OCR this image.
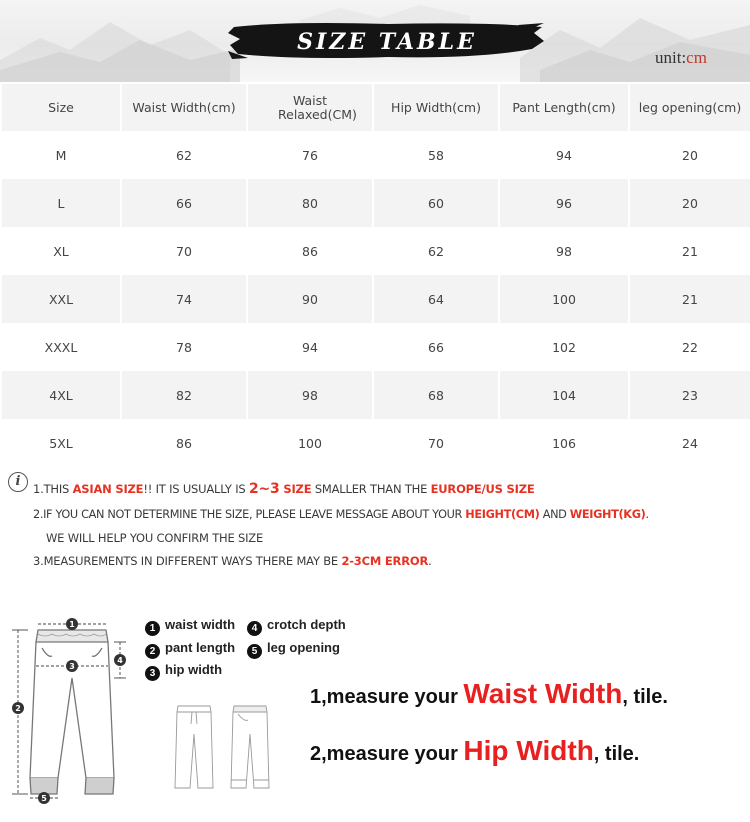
SIZE TABLE
unit:cm
Size	Waist Width(cm)	Waist Relaxed(CM)	Hip Width(cm)	Pant Length(cm)	leg opening(cm)
M	62	76	58	94	20
L	66	80	60	96	20
XL	70	86	62	98	21
XXL	74	90	64	100	21
XXXL	78	94	66	102	22
4XL	82	98	68	104	23
5XL	86	100	70	106	24
i	1.THIS ASIAN SIZE!! IT IS USUALLY IS 2~3 SIZE SMALLER THAN THE EUROPE/US SIZE
2.IF YOU CAN NOT DETERMINE THE SIZE, PLEASE LEAVE MESSAGE ABOUT YOUR HEIGHT(CM) AND WEIGHT(KG).
WE WILL HELP YOU CONFIRM THE SIZE
3.MEASUREMENTS IN DIFFERENT WAYS THERE MAY BE 2-3CM ERROR.
1
2
3
4
5
1 waist width	4 crotch depth
2 pant length	5 leg opening
3 hip width
1,measure your Waist Width, tile.
2,measure your Hip Width, tile.
